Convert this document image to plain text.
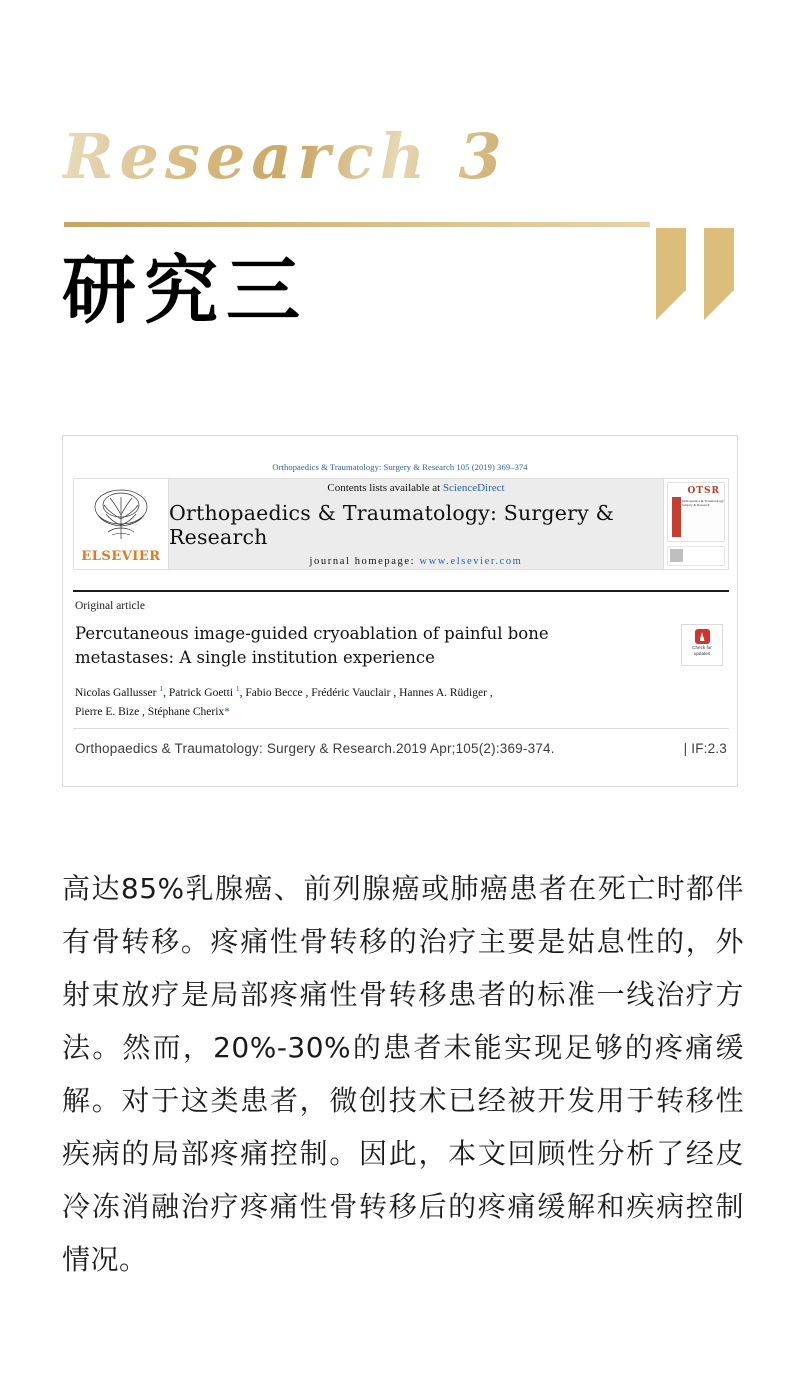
Research 3
研究三
Orthopaedics & Traumatology: Surgery & Research 105 (2019) 369–374
ELSEVIER
Contents lists available at ScienceDirect
Orthopaedics & Traumatology: Surgery & Research
journal homepage: www.elsevier.com
OTSR
Orthopaedics & Traumatology: Surgery & Research
Original article
Percutaneous image-guided cryoablation of painful bone metastases: A single institution experience
Check for
updates
Nicolas Gallusser $^1$, Patrick Goetti $^1$, Fabio Becce , Frédéric Vauclair , Hannes A. Rüdiger ,
Pierre E. Bize , Stéphane Cherix*
Orthopaedics & Traumatology: Surgery & Research.2019 Apr;105(2):369-374.	| IF:2.3
高达85%乳腺癌、前列腺癌或肺癌患者在死亡时都伴有骨转移。疼痛性骨转移的治疗主要是姑息性的，外射束放疗是局部疼痛性骨转移患者的标准一线治疗方法。然而，20%-30%的患者未能实现足够的疼痛缓解。对于这类患者，微创技术已经被开发用于转移性疾病的局部疼痛控制。因此，本文回顾性分析了经皮冷冻消融治疗疼痛性骨转移后的疼痛缓解和疾病控制情况。
